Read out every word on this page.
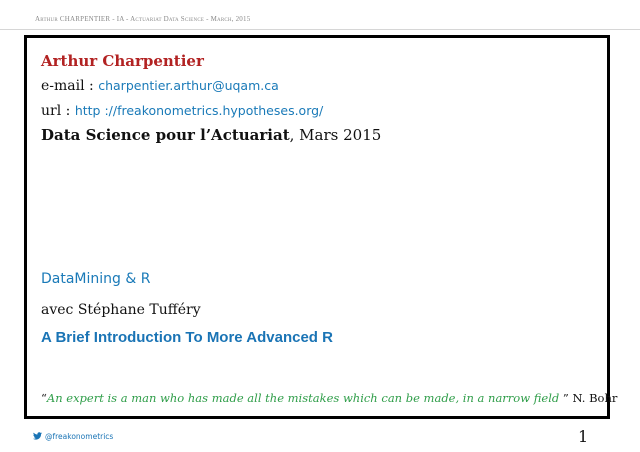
Arthur CHARPENTIER - IA - Actuariat Data Science - March, 2015
Arthur Charpentier
e-mail : charpentier.arthur@uqam.ca
url : http ://freakonometrics.hypotheses.org/
Data Science pour l’Actuariat, Mars 2015
DataMining & R
avec Stéphane Tufféry
A Brief Introduction To More Advanced R
“An expert is a man who has made all the mistakes which can be made, in a narrow field ” N. Bohr
@freakonometrics	1
